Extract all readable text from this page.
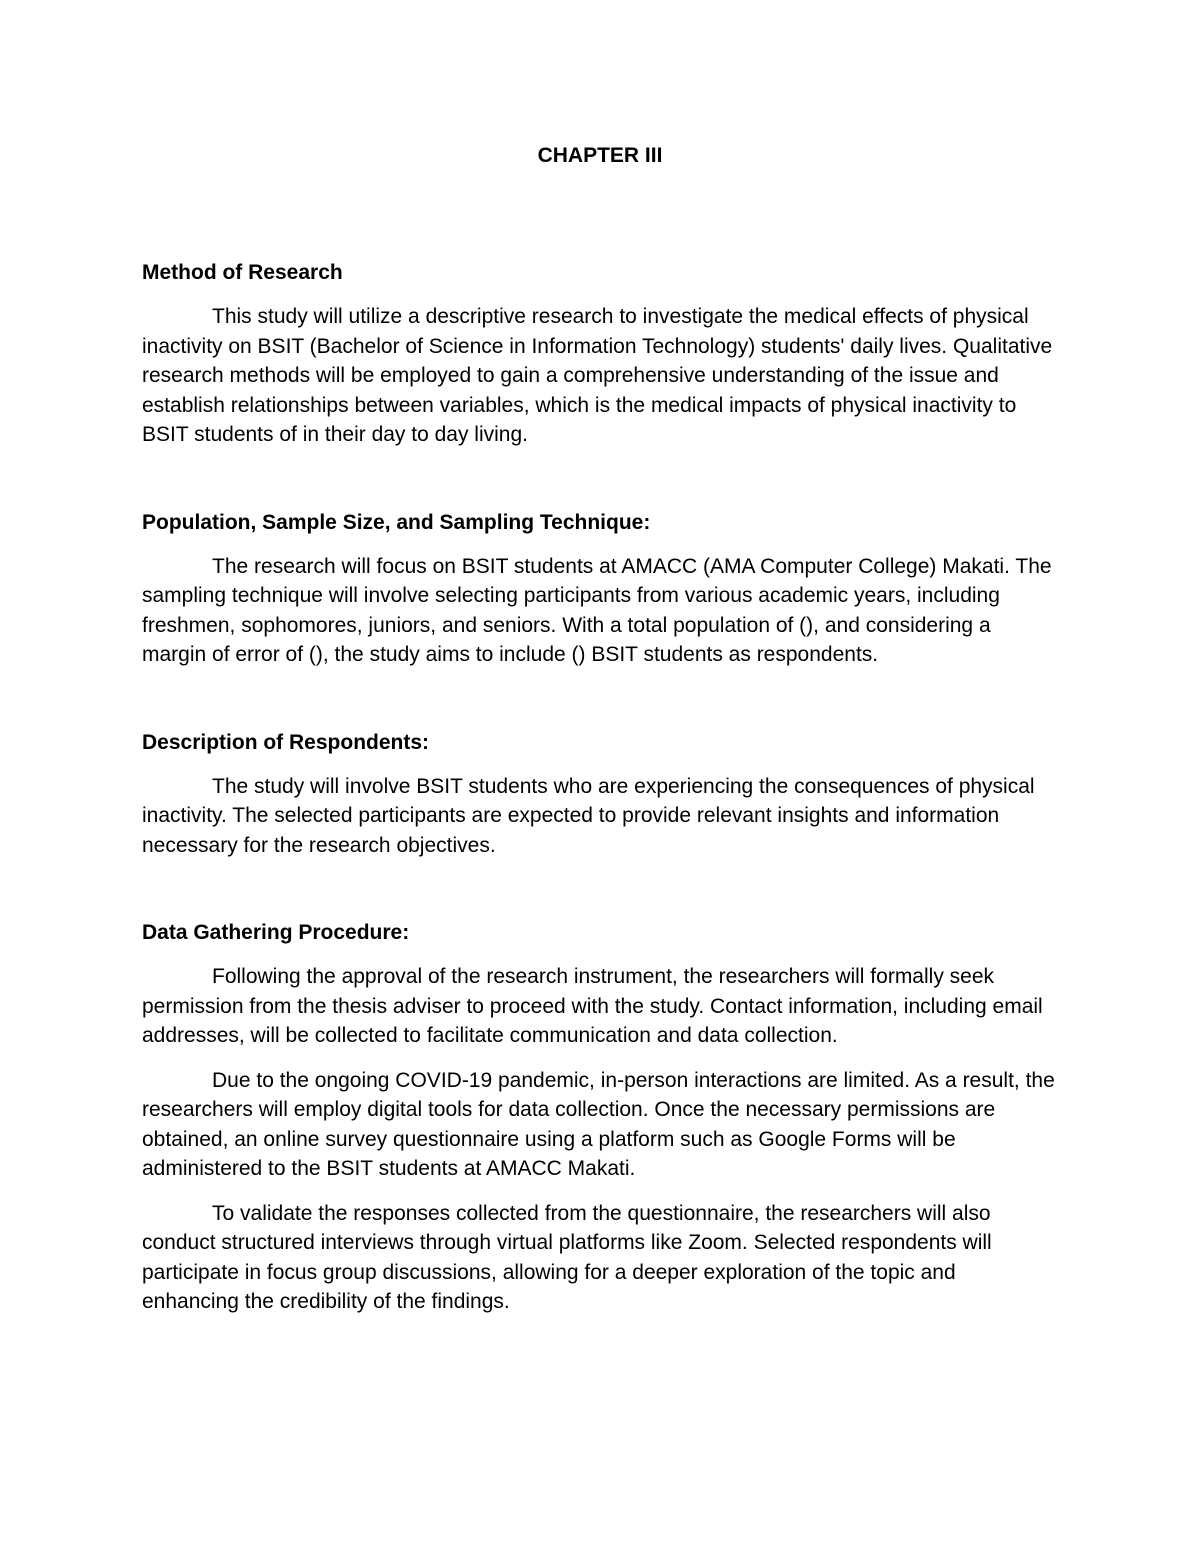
CHAPTER III
Method of Research

This study will utilize a descriptive research to investigate the medical effects of physical inactivity on BSIT (Bachelor of Science in Information Technology) students' daily lives. Qualitative research methods will be employed to gain a comprehensive understanding of the issue and establish relationships between variables, which is the medical impacts of physical inactivity to BSIT students of in their day to day living.

Population, Sample Size, and Sampling Technique:

The research will focus on BSIT students at AMACC (AMA Computer College) Makati. The sampling technique will involve selecting participants from various academic years, including freshmen, sophomores, juniors, and seniors. With a total population of (), and considering a margin of error of (), the study aims to include () BSIT students as respondents.

Description of Respondents:

The study will involve BSIT students who are experiencing the consequences of physical inactivity. The selected participants are expected to provide relevant insights and information necessary for the research objectives.

Data Gathering Procedure:

Following the approval of the research instrument, the researchers will formally seek permission from the thesis adviser to proceed with the study. Contact information, including email addresses, will be collected to facilitate communication and data collection.

Due to the ongoing COVID-19 pandemic, in-person interactions are limited. As a result, the researchers will employ digital tools for data collection. Once the necessary permissions are obtained, an online survey questionnaire using a platform such as Google Forms will be administered to the BSIT students at AMACC Makati.

To validate the responses collected from the questionnaire, the researchers will also conduct structured interviews through virtual platforms like Zoom. Selected respondents will participate in focus group discussions, allowing for a deeper exploration of the topic and enhancing the credibility of the findings.
